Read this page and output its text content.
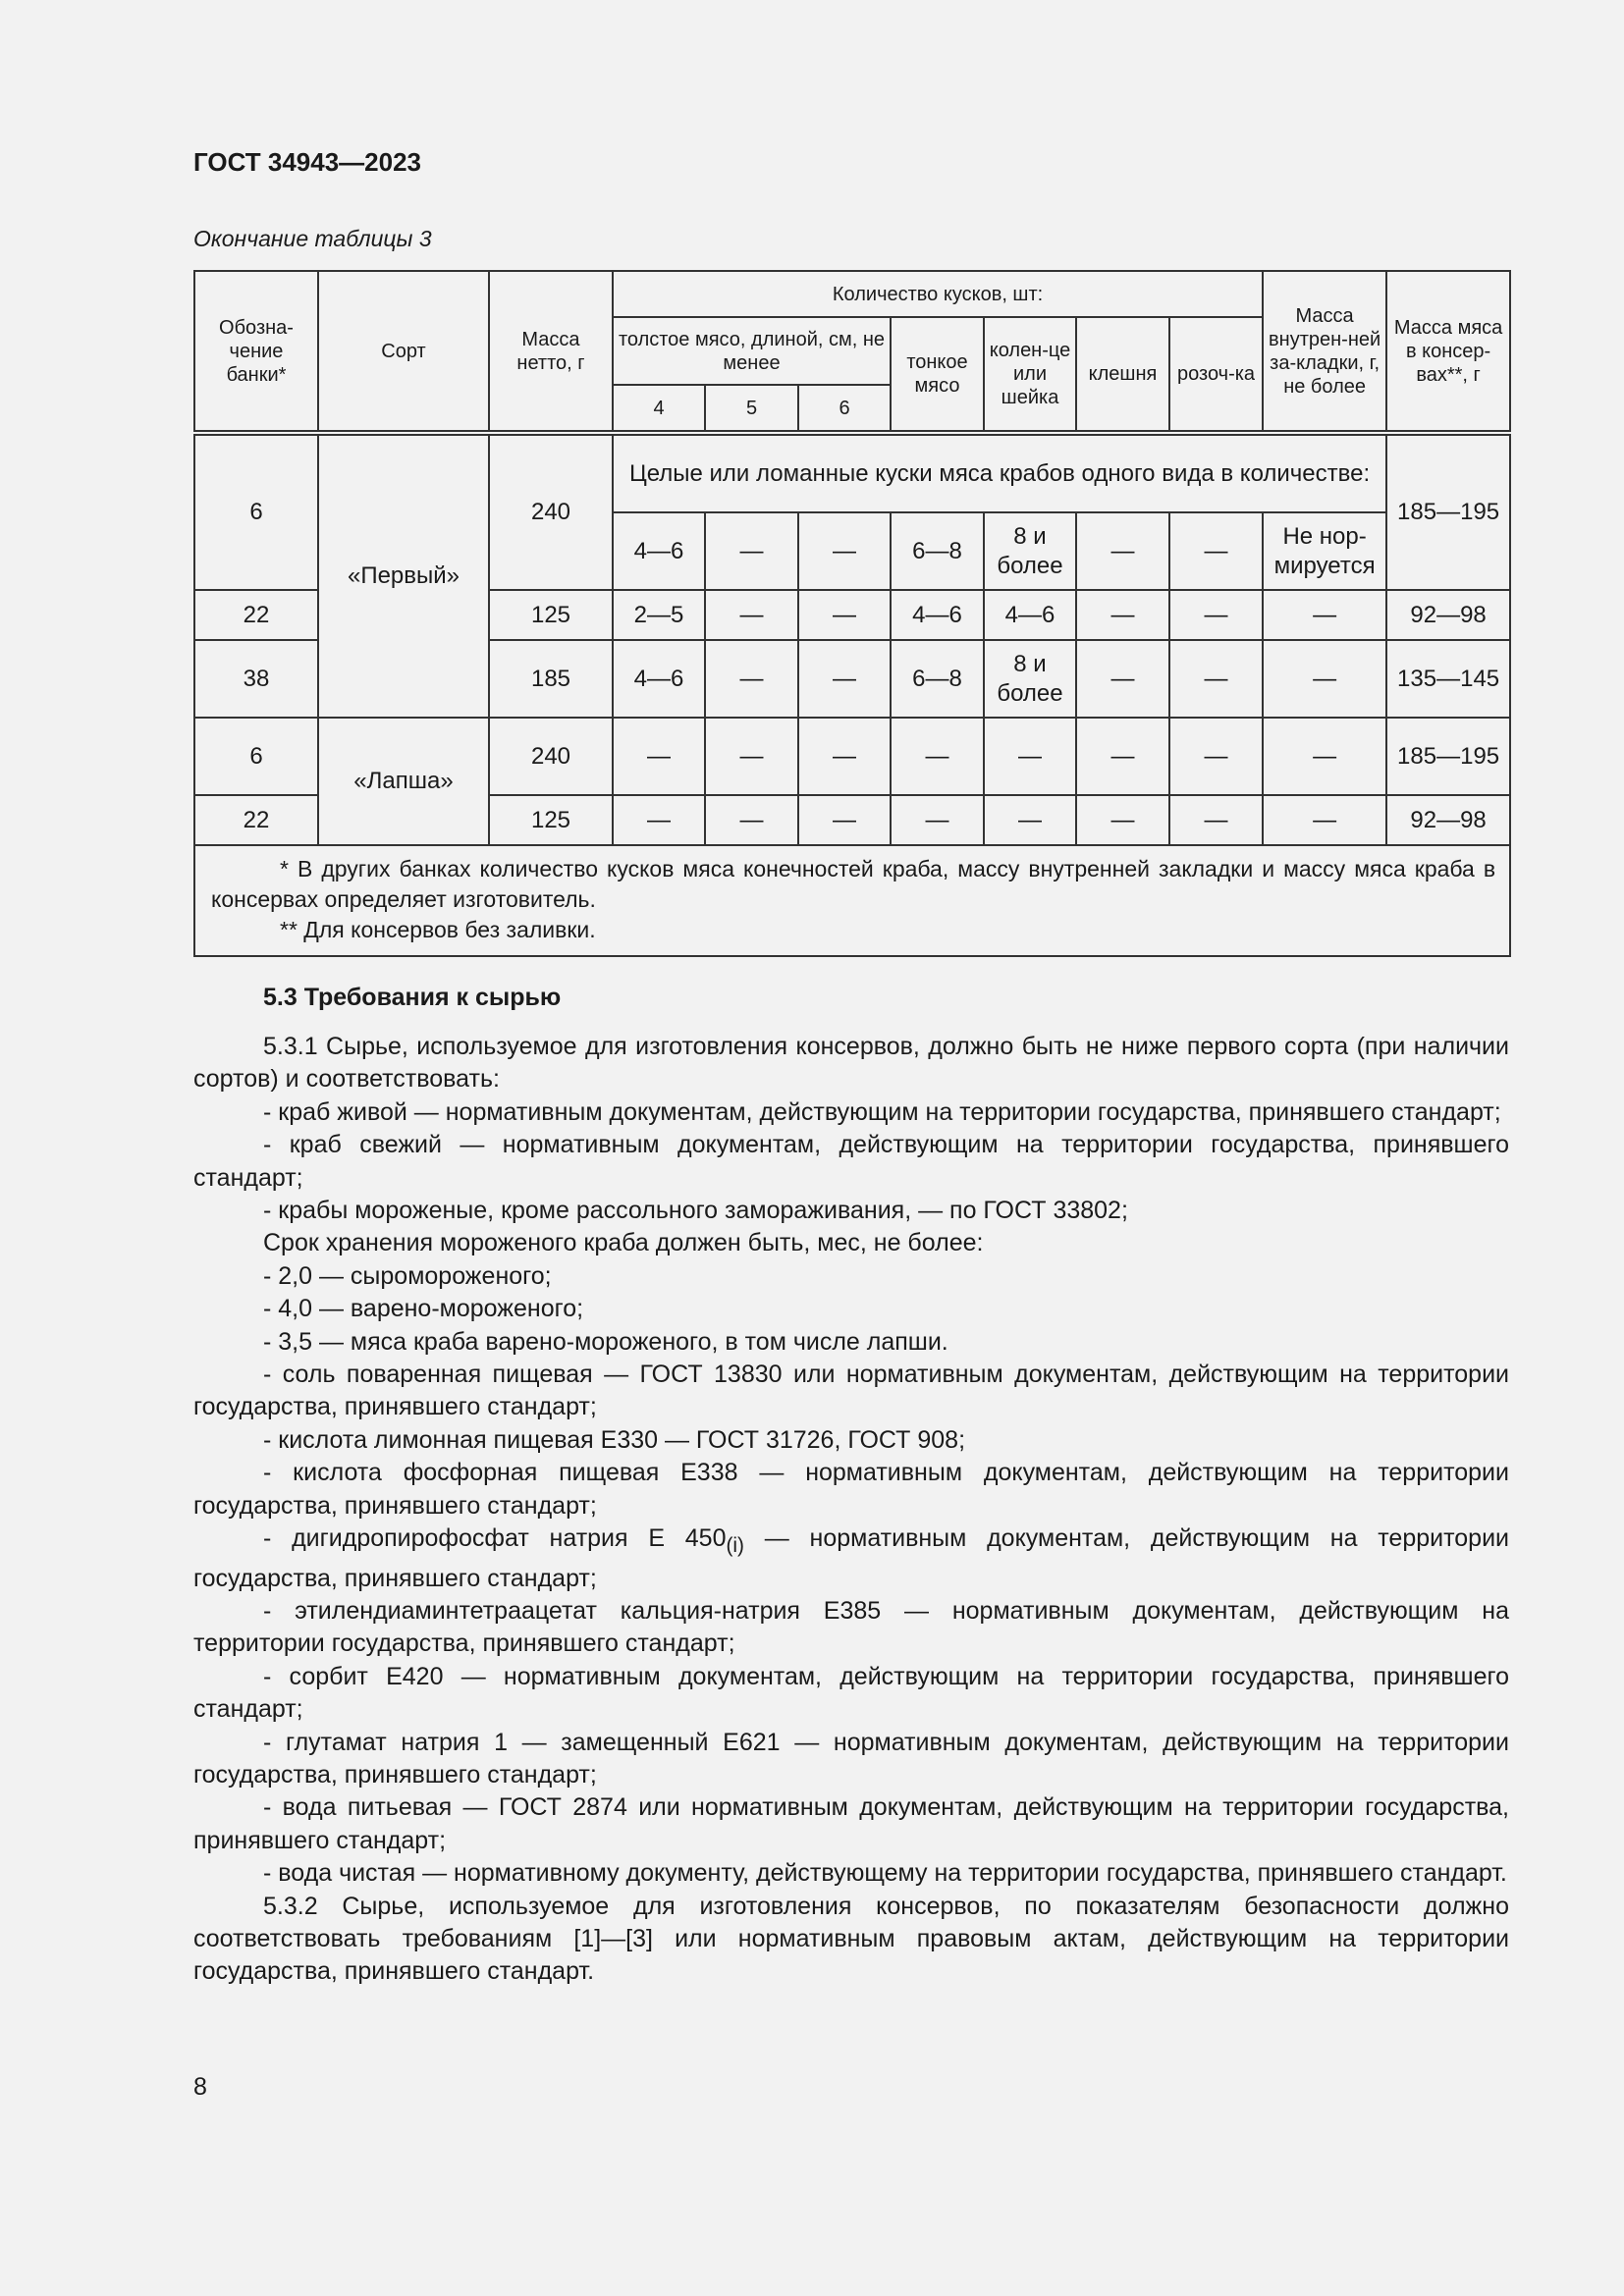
ГОСТ 34943—2023
Окончание таблицы 3
Обозна-чение банки*	Сорт	Масса нетто, г	Количество кусков, шт:							Масса внутрен-ней за-кладки, г, не более	Масса мяса в консер-вах**, г
			толстое мясо, длиной, см, не менее			тонкое мясо	колен-це или шейка	клешня	розоч-ка		
			4	5	6						
6	«Первый»	240	Целые или ломанные куски мяса крабов одного вида в количестве:								185—195
			4—6	—	—	6—8	8 и более	—	—	Не нор-мируется	
22		125	2—5	—	—	4—6	4—6	—	—	—	92—98
38		185	4—6	—	—	6—8	8 и более	—	—	—	135—145
6	«Лапша»	240	—	—	—	—	—	—	—	—	185—195
22		125	—	—	—	—	—	—	—	—	92—98

* В других банках количество кусков мяса конечностей краба, массу внутренней закладки и массу мяса краба в консервах определяет изготовитель.
** Для консервов без заливки.											
5.3 Требования к сырью

5.3.1 Сырье, используемое для изготовления консервов, должно быть не ниже первого сорта (при наличии сортов) и соответствовать:

- краб живой — нормативным документам, действующим на территории государства, принявшего стандарт;

- краб свежий — нормативным документам, действующим на территории государства, принявшего стандарт;

- крабы мороженые, кроме рассольного замораживания, — по ГОСТ 33802;

Срок хранения мороженого краба должен быть, мес, не более:

- 2,0 — сыромороженого;

- 4,0 — варено-мороженого;

- 3,5 — мяса краба варено-мороженого, в том числе лапши.

- соль поваренная пищевая — ГОСТ 13830 или нормативным документам, действующим на территории государства, принявшего стандарт;

- кислота лимонная пищевая Е330 — ГОСТ 31726, ГОСТ 908;

- кислота фосфорная пищевая Е338 — нормативным документам, действующим на территории государства, принявшего стандарт;

- дигидропирофосфат натрия Е $450_{(i)}$ — нормативным документам, действующим на территории государства, принявшего стандарт;

- этилендиаминтетраацетат кальция-натрия Е385 — нормативным документам, действующим на территории государства, принявшего стандарт;

- сорбит Е420 — нормативным документам, действующим на территории государства, принявшего стандарт;

- глутамат натрия 1 — замещенный Е621 — нормативным документам, действующим на территории государства, принявшего стандарт;

- вода питьевая — ГОСТ 2874 или нормативным документам, действующим на территории государства, принявшего стандарт;

- вода чистая — нормативному документу, действующему на территории государства, принявшего стандарт.

5.3.2 Сырье, используемое для изготовления консервов, по показателям безопасности должно соответствовать требованиям [1]—[3] или нормативным правовым актам, действующим на территории государства, принявшего стандарт.

8
